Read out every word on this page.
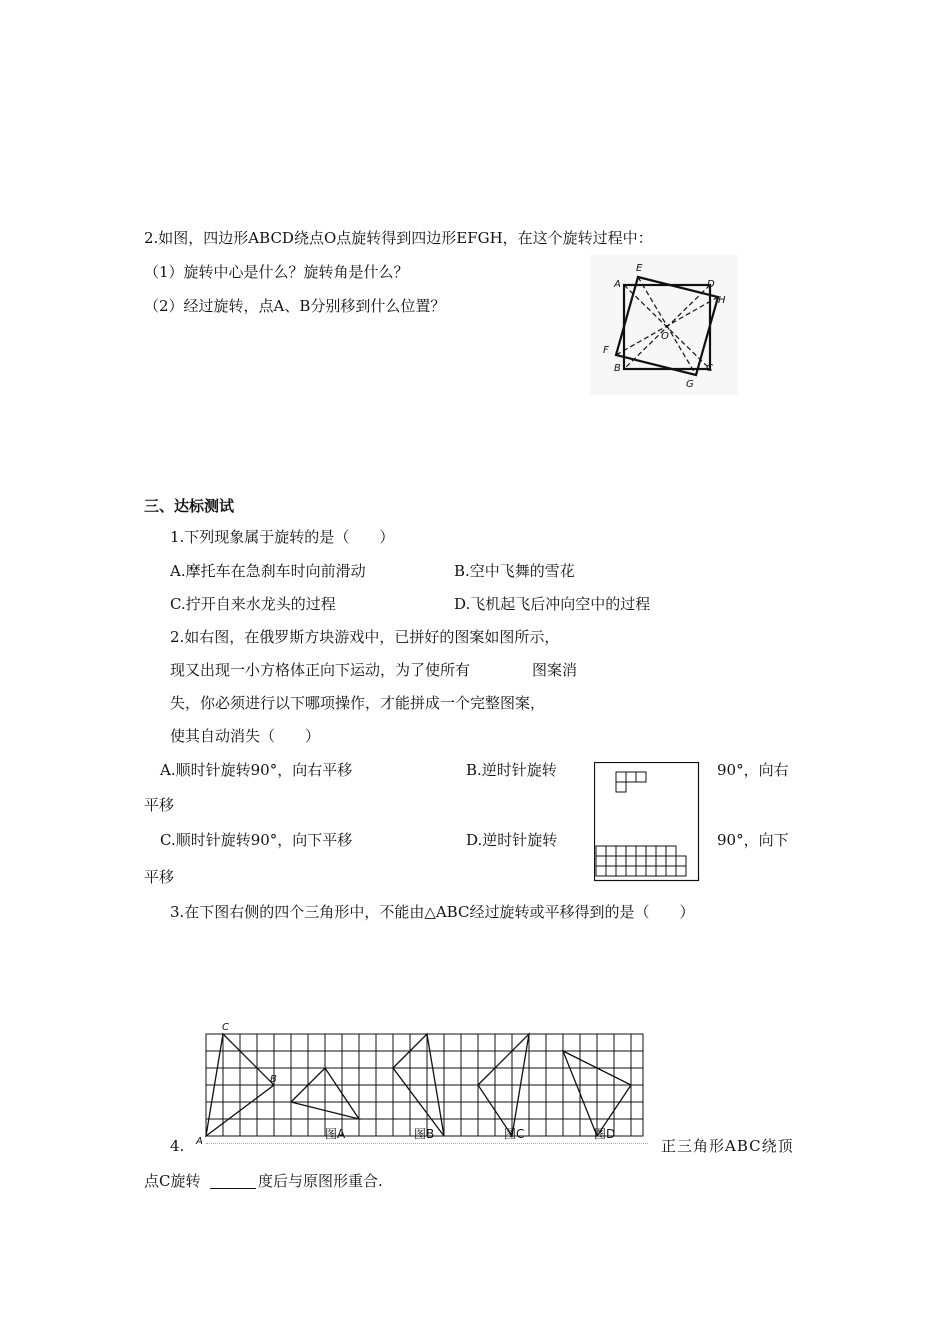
2.如图，四边形ABCD绕点O点旋转得到四边形EFGH，在这个旋转过程中：
（1）旋转中心是什么？旋转角是什么？
（2）经过旋转，点A、B分别移到什么位置？
A
B	C
D
E
F
G
H
O
三、达标测试
1.下列现象属于旋转的是（　　）
A.摩托车在急刹车时向前滑动	B.空中飞舞的雪花
C.拧开自来水龙头的过程	D.飞机起飞后冲向空中的过程
2.如右图，在俄罗斯方块游戏中，已拼好的图案如图所示，
现又出现一小方格体正向下运动，为了使所有	图案消
失，你必须进行以下哪项操作，才能拼成一个完整图案，
使其自动消失（　　）
A.顺时针旋转90°，向右平移	B.逆时针旋转	90°，向右
平移
C.顺时针旋转90°，向下平移	D.逆时针旋转	90°，向下
平移
3.在下图右侧的四个三角形中，不能由△ABC经过旋转或平移得到的是（　　）
A
B
C
图A	图B	图C	图D
4.	正三角形ABC绕顶
点C旋转	度后与原图形重合.
